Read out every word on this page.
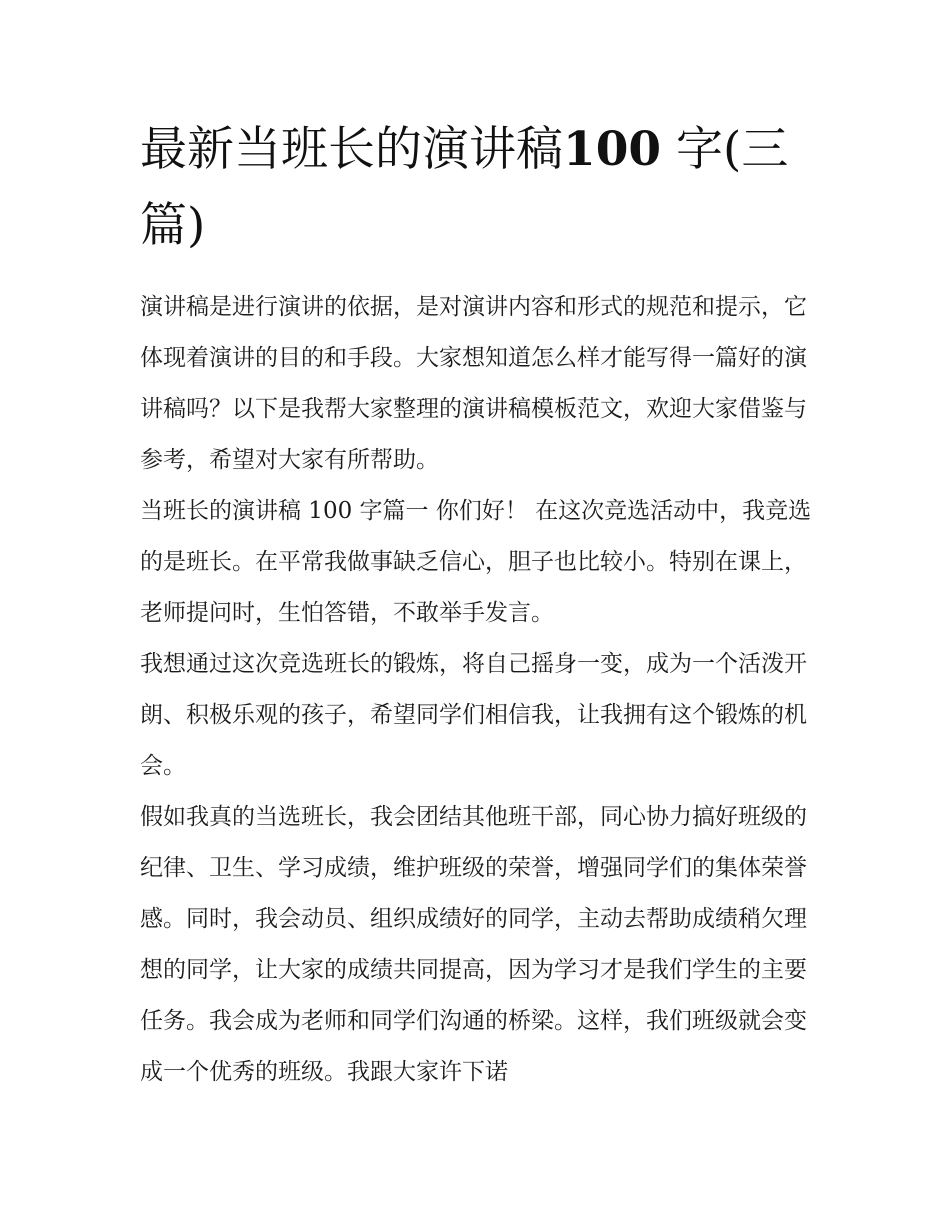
最新当班长的演讲稿100 字(三篇)

演讲稿是进行演讲的依据，是对演讲内容和形式的规范和提示，它体现着演讲的目的和手段。大家想知道怎么样才能写得一篇好的演讲稿吗？以下是我帮大家整理的演讲稿模板范文，欢迎大家借鉴与参考，希望对大家有所帮助。

当班长的演讲稿 100 字篇一 你们好！ 在这次竞选活动中，我竞选的是班长。在平常我做事缺乏信心，胆子也比较小。特别在课上，老师提问时，生怕答错，不敢举手发言。

我想通过这次竞选班长的锻炼，将自己摇身一变，成为一个活泼开朗、积极乐观的孩子，希望同学们相信我，让我拥有这个锻炼的机会。

假如我真的当选班长，我会团结其他班干部，同心协力搞好班级的纪律、卫生、学习成绩，维护班级的荣誉，增强同学们的集体荣誉感。同时，我会动员、组织成绩好的同学，主动去帮助成绩稍欠理想的同学，让大家的成绩共同提高，因为学习才是我们学生的主要任务。我会成为老师和同学们沟通的桥梁。这样，我们班级就会变成一个优秀的班级。我跟大家许下诺
